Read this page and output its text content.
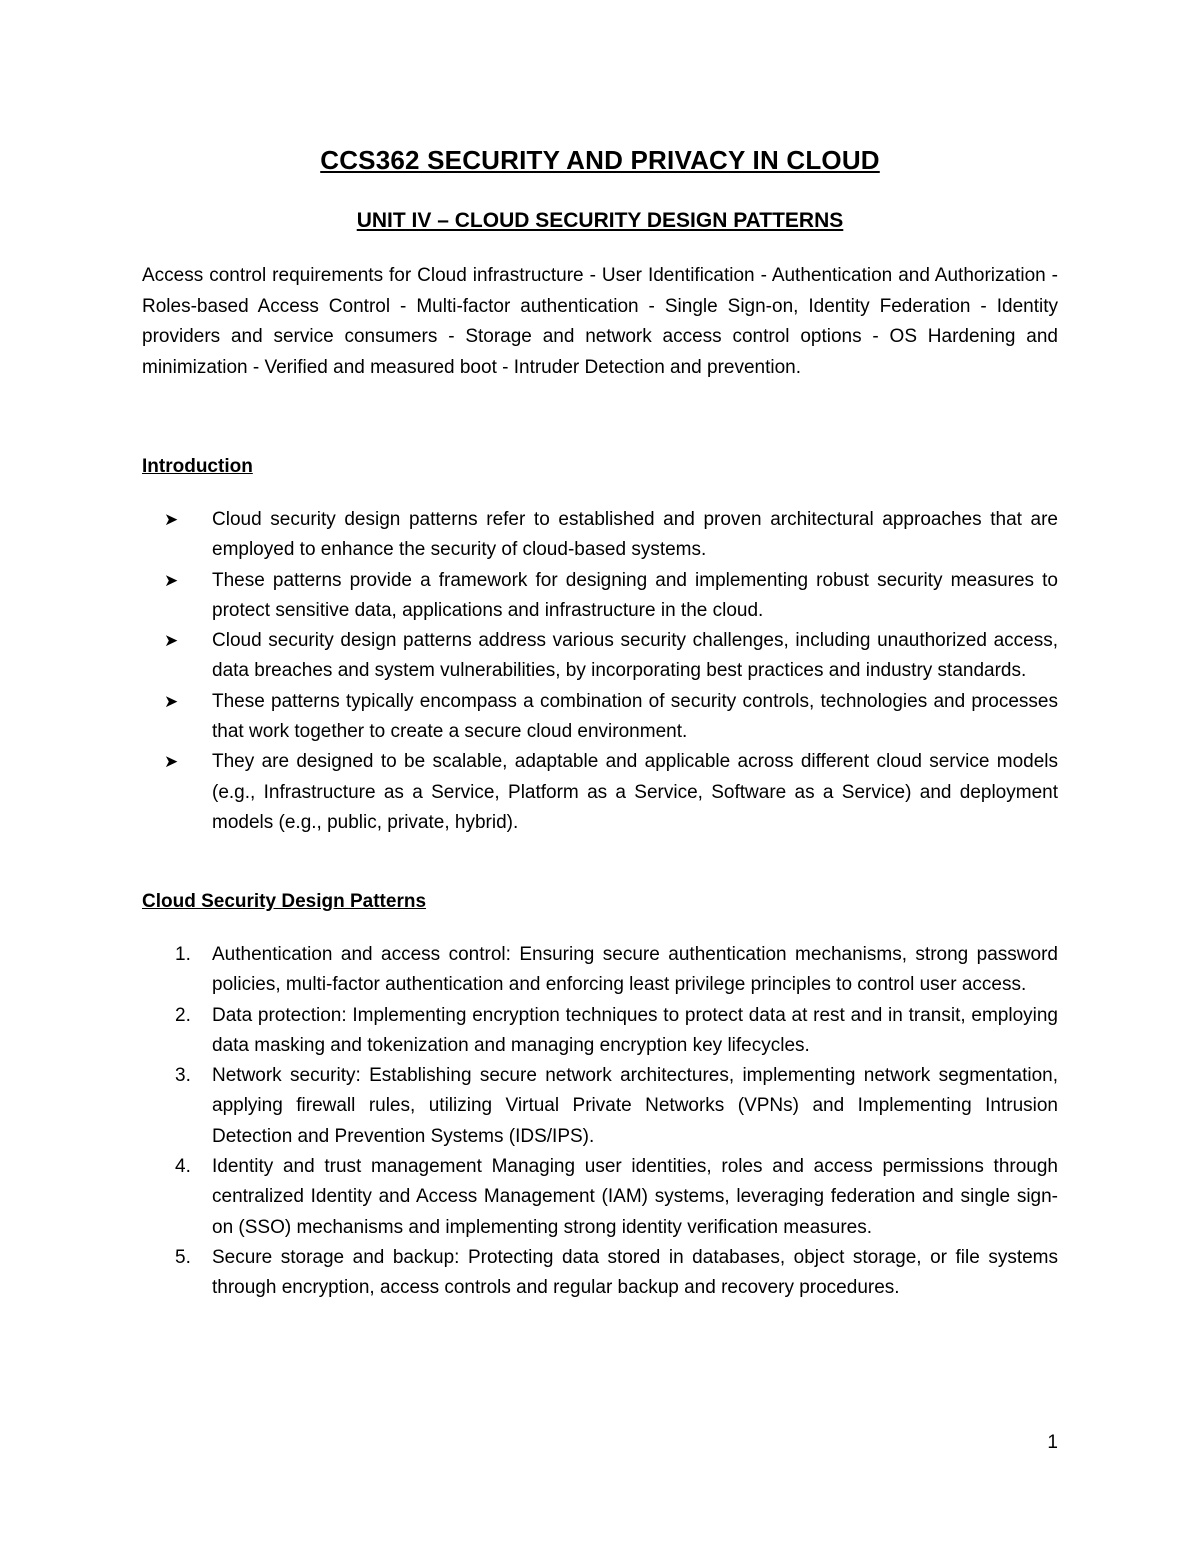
CCS362 SECURITY AND PRIVACY IN CLOUD
UNIT IV – CLOUD SECURITY DESIGN PATTERNS
Access control requirements for Cloud infrastructure - User Identification - Authentication and Authorization - Roles-based Access Control - Multi-factor authentication - Single Sign-on, Identity Federation - Identity providers and service consumers - Storage and network access control options - OS Hardening and minimization - Verified and measured boot - Intruder Detection and prevention.
Introduction
➤ Cloud security design patterns refer to established and proven architectural approaches that are employed to enhance the security of cloud-based systems.
➤ These patterns provide a framework for designing and implementing robust security measures to protect sensitive data, applications and infrastructure in the cloud.
➤ Cloud security design patterns address various security challenges, including unauthorized access, data breaches and system vulnerabilities, by incorporating best practices and industry standards.
➤ These patterns typically encompass a combination of security controls, technologies and processes that work together to create a secure cloud environment.
➤ They are designed to be scalable, adaptable and applicable across different cloud service models (e.g., Infrastructure as a Service, Platform as a Service, Software as a Service) and deployment models (e.g., public, private, hybrid).
Cloud Security Design Patterns
1. Authentication and access control: Ensuring secure authentication mechanisms, strong password policies, multi-factor authentication and enforcing least privilege principles to control user access.
2. Data protection: Implementing encryption techniques to protect data at rest and in transit, employing data masking and tokenization and managing encryption key lifecycles.
3. Network security: Establishing secure network architectures, implementing network segmentation, applying firewall rules, utilizing Virtual Private Networks (VPNs) and Implementing Intrusion Detection and Prevention Systems (IDS/IPS).
4. Identity and trust management Managing user identities, roles and access permissions through centralized Identity and Access Management (IAM) systems, leveraging federation and single sign-on (SSO) mechanisms and implementing strong identity verification measures.
5. Secure storage and backup: Protecting data stored in databases, object storage, or file systems through encryption, access controls and regular backup and recovery procedures.
1
